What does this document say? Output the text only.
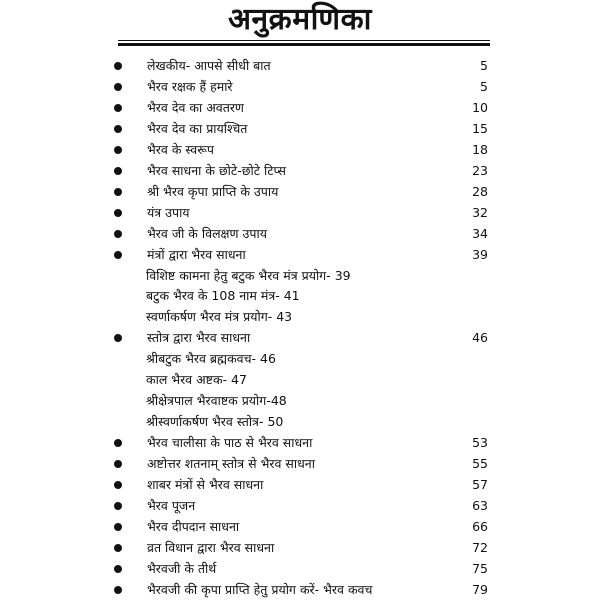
अनुक्रमणिका
लेखकीय- आपसे सीधी बात	5
भैरव रक्षक हैं हमारे	5
भैरव देव का अवतरण	10
भैरव देव का प्रायश्चित	15
भैरव के स्वरूप	18
भैरव साधना के छोटे-छोटे टिप्स	23
श्री भैरव कृपा प्राप्ति के उपाय	28
यंत्र उपाय	32
भैरव जी के विलक्षण उपाय	34
मंत्रों द्वारा भैरव साधना	39
विशिष्ट कामना हेतु बटुक भैरव मंत्र प्रयोग- 39
बटुक भैरव के 108 नाम मंत्र- 41
स्वर्णाकर्षण भैरव मंत्र प्रयोग- 43
स्तोत्र द्वारा भैरव साधना	46
श्रीबटुक भैरव ब्रह्मकवच- 46
काल भैरव अष्टक- 47
श्रीक्षेत्रपाल भैरवाष्टक प्रयोग-48
श्रीस्वर्णाकर्षण भैरव स्तोत्र- 50
भैरव चालीसा के पाठ से भैरव साधना	53
अष्टोत्तर शतनाम् स्तोत्र से भैरव साधना	55
शाबर मंत्रों से भैरव साधना	57
भैरव पूजन	63
भैरव दीपदान साधना	66
व्रत विधान द्वारा भैरव साधना	72
भैरवजी के तीर्थ	75
भैरवजी की कृपा प्राप्ति हेतु प्रयोग करें- भैरव कवच	79
